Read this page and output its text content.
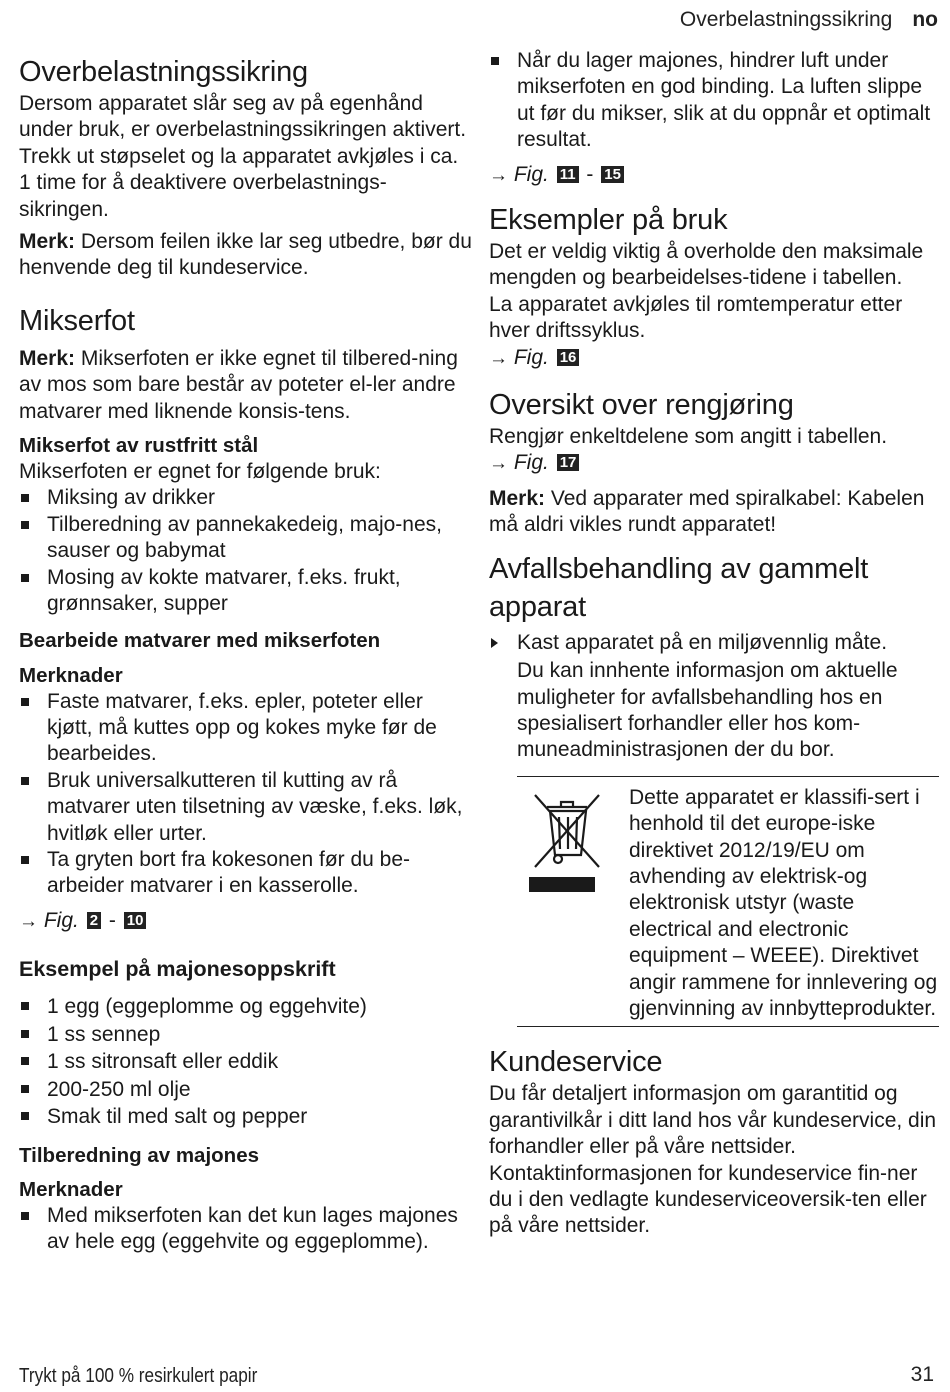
Overbelastningssikring no
Overbelastningssikring

Dersom apparatet slår seg av på egenhånd under bruk, er overbelastningssikringen aktivert.

Trekk ut støpselet og la apparatet avkjøles i ca. 1 time for å deaktivere overbelastnings-sikringen.

Merk: Dersom feilen ikke lar seg utbedre, bør du henvende deg til kundeservice.

Mikserfot

Merk: Mikserfoten er ikke egnet til tilbered-ning av mos som bare består av poteter el-ler andre matvarer med liknende konsis-tens.

Mikserfot av rustfritt stål

Mikserfoten er egnet for følgende bruk:

Miksing av drikker
Tilberedning av pannekakedeig, majo-nes, sauser og babymat
Mosing av kokte matvarer, f.eks. frukt, grønnsaker, supper
Bearbeide matvarer med mikserfoten
Merknader
Faste matvarer, f.eks. epler, poteter eller kjøtt, må kuttes opp og kokes myke før de bearbeides.
Bruk universalkutteren til kutting av rå matvarer uten tilsetning av væske, f.eks. løk, hvitløk eller urter.
Ta gryten bort fra kokesonen før du be-arbeider matvarer i en kasserolle.

→ Fig. 2 - 10

Eksempel på majonesoppskrift
1 egg (eggeplomme og eggehvite)
1 ss sennep
1 ss sitronsaft eller eddik
200-250 ml olje
Smak til med salt og pepper
Tilberedning av majones
Merknader
Med mikserfoten kan det kun lages majones av hele egg (eggehvite og eggeplomme).
Når du lager majones, hindrer luft under mikserfoten en god binding. La luften slippe ut før du mikser, slik at du oppnår et optimalt resultat.

→ Fig. 11 - 15

Eksempler på bruk

Det er veldig viktig å overholde den maksimale mengden og bearbeidelses-tidene i tabellen.

La apparatet avkjøles til romtemperatur etter hver driftssyklus.

→ Fig. 16

Oversikt over rengjøring

Rengjør enkeltdelene som angitt i tabellen.

→ Fig. 17

Merk: Ved apparater med spiralkabel: Kabelen må aldri vikles rundt apparatet!

Avfallsbehandling av gammelt apparat
Kast apparatet på en miljøvennlig måte.

Du kan innhente informasjon om aktuelle muligheter for avfallsbehandling hos en spesialisert forhandler eller hos kom-muneadministrasjonen der du bor.

Dette apparatet er klassifi-sert i henhold til det europe-iske direktivet 2012/19/EU om avhending av elektrisk-og elektronisk utstyr (waste electrical and electronic equipment – WEEE). Direktivet angir rammene for innlevering og gjenvinning av innbytteprodukter.

Kundeservice

Du får detaljert informasjon om garantitid og garantivilkår i ditt land hos vår kundeservice, din forhandler eller på våre nettsider.

Kontaktinformasjonen for kundeservice fin-ner du i den vedlagte kundeserviceoversik-ten eller på våre nettsider.

Trykt på 100 % resirkulert papir	31
